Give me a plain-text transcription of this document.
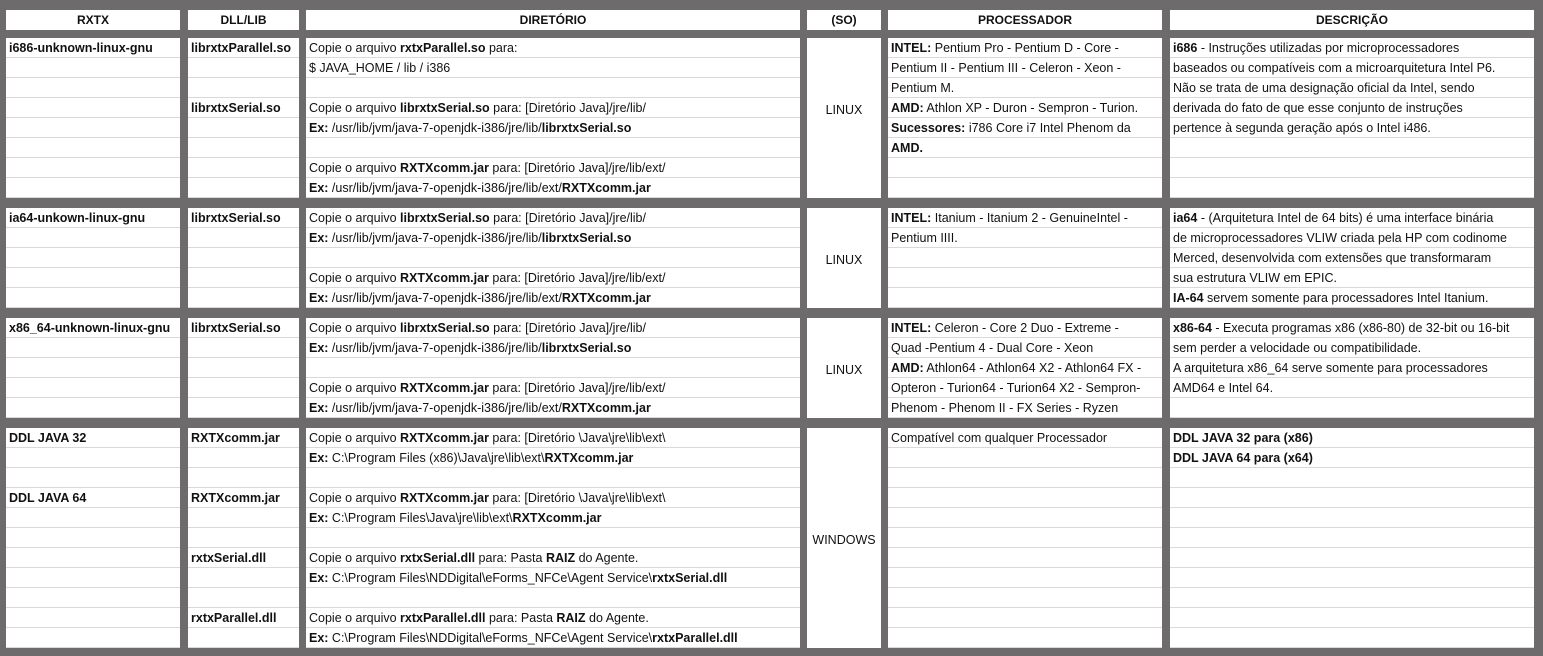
RXTX
i686-unknown-linux-gnu
ia64-unkown-linux-gnu
x86_64-unknown-linux-gnu
DDL JAVA 32
DDL JAVA 64
DLL/LIB
librxtxParallel.so
librxtxSerial.so
librxtxSerial.so
librxtxSerial.so
RXTXcomm.jar
RXTXcomm.jar
rxtxSerial.dll
rxtxParallel.dll
DIRETÓRIO
Copie o arquivo rxtxParallel.so para:
$ JAVA_HOME / lib / i386
Copie o arquivo librxtxSerial.so para: [Diretório Java]/jre/lib/
Ex: /usr/lib/jvm/java-7-openjdk-i386/jre/lib/librxtxSerial.so
Copie o arquivo RXTXcomm.jar para: [Diretório Java]/jre/lib/ext/
Ex: /usr/lib/jvm/java-7-openjdk-i386/jre/lib/ext/RXTXcomm.jar
Copie o arquivo librxtxSerial.so para: [Diretório Java]/jre/lib/
Ex: /usr/lib/jvm/java-7-openjdk-i386/jre/lib/librxtxSerial.so
Copie o arquivo RXTXcomm.jar para: [Diretório Java]/jre/lib/ext/
Ex: /usr/lib/jvm/java-7-openjdk-i386/jre/lib/ext/RXTXcomm.jar
Copie o arquivo librxtxSerial.so para: [Diretório Java]/jre/lib/
Ex: /usr/lib/jvm/java-7-openjdk-i386/jre/lib/librxtxSerial.so
Copie o arquivo RXTXcomm.jar para: [Diretório Java]/jre/lib/ext/
Ex: /usr/lib/jvm/java-7-openjdk-i386/jre/lib/ext/RXTXcomm.jar
Copie o arquivo RXTXcomm.jar para: [Diretório \Java\jre\lib\ext\
Ex: C:\Program Files (x86)\Java\jre\lib\ext\RXTXcomm.jar
Copie o arquivo RXTXcomm.jar para: [Diretório \Java\jre\lib\ext\
Ex: C:\Program Files\Java\jre\lib\ext\RXTXcomm.jar
Copie o arquivo rxtxSerial.dll para: Pasta RAIZ do Agente.
Ex: C:\Program Files\NDDigital\eForms_NFCe\Agent Service\rxtxSerial.dll
Copie o arquivo rxtxParallel.dll para: Pasta RAIZ do Agente.
Ex: C:\Program Files\NDDigital\eForms_NFCe\Agent Service\rxtxParallel.dll
(SO)
LINUX
LINUX
LINUX
WINDOWS
PROCESSADOR
INTEL: Pentium Pro - Pentium D - Core -
Pentium II - Pentium III - Celeron - Xeon -
Pentium M.
AMD: Athlon XP - Duron - Sempron - Turion.
Sucessores: i786 Core i7 Intel Phenom da
AMD.
INTEL: Itanium - Itanium 2 - GenuineIntel -
Pentium IIII.
INTEL: Celeron - Core 2 Duo - Extreme -
Quad -Pentium 4 - Dual Core - Xeon
AMD: Athlon64 - Athlon64 X2 - Athlon64 FX -
Opteron - Turion64 - Turion64 X2 - Sempron-
Phenom - Phenom II - FX Series - Ryzen
Compatível com qualquer Processador
DESCRIÇÃO
i686 - Instruções utilizadas por microprocessadores
baseados ou compatíveis com a microarquitetura Intel P6.
Não se trata de uma designação oficial da Intel, sendo
derivada do fato de que esse conjunto de instruções
pertence à segunda geração após o Intel i486.
ia64 - (Arquitetura Intel de 64 bits) é uma interface binária
de microprocessadores VLIW criada pela HP com codinome
Merced, desenvolvida com extensões que transformaram
sua estrutura VLIW em EPIC.
IA-64 servem somente para processadores Intel Itanium.
x86-64 - Executa programas x86 (x86-80) de 32-bit ou 16-bit
sem perder a velocidade ou compatibilidade.
A arquitetura x86_64 serve somente para processadores
AMD64 e Intel 64.
DDL JAVA 32 para (x86)
DDL JAVA 64 para (x64)
